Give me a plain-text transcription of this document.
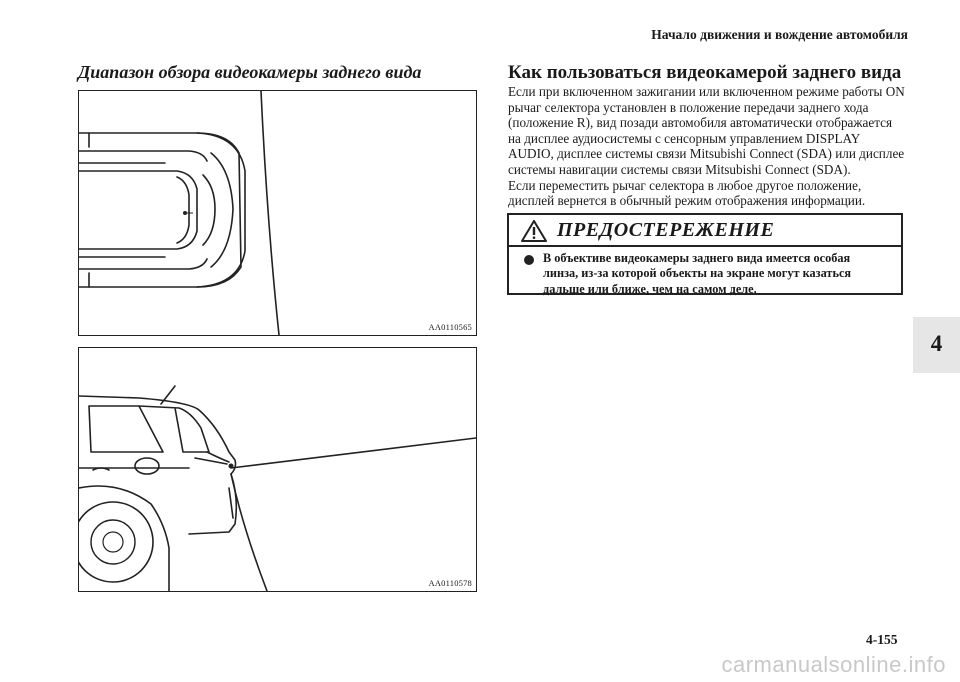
Начало движения и вождение автомобиля
Диапазон обзора видеокамеры заднего вида
AA0110565
AA0110578
Как пользоваться видеокамерой заднего вида

Если при включенном зажигании или включенном режиме работы ON рычаг селектора установлен в положение передачи заднего хода (положение R), вид позади автомобиля автоматически отображается на дисплее аудиосистемы с сенсорным управлением DISPLAY AUDIO, дисплее системы связи Mitsubishi Connect (SDA) или дисплее системы навигации системы связи Mitsubishi Connect (SDA).

Если переместить рычаг селектора в любое другое положение, дисплей вернется в обычный режим отображения информации.

ПРЕДОСТЕРЕЖЕНИЕ
В объективе видеокамеры заднего вида имеется особая линза, из-за которой объекты на экране могут казаться дальше или ближе, чем на самом деле.
4
4-155
carmanualsonline.info
